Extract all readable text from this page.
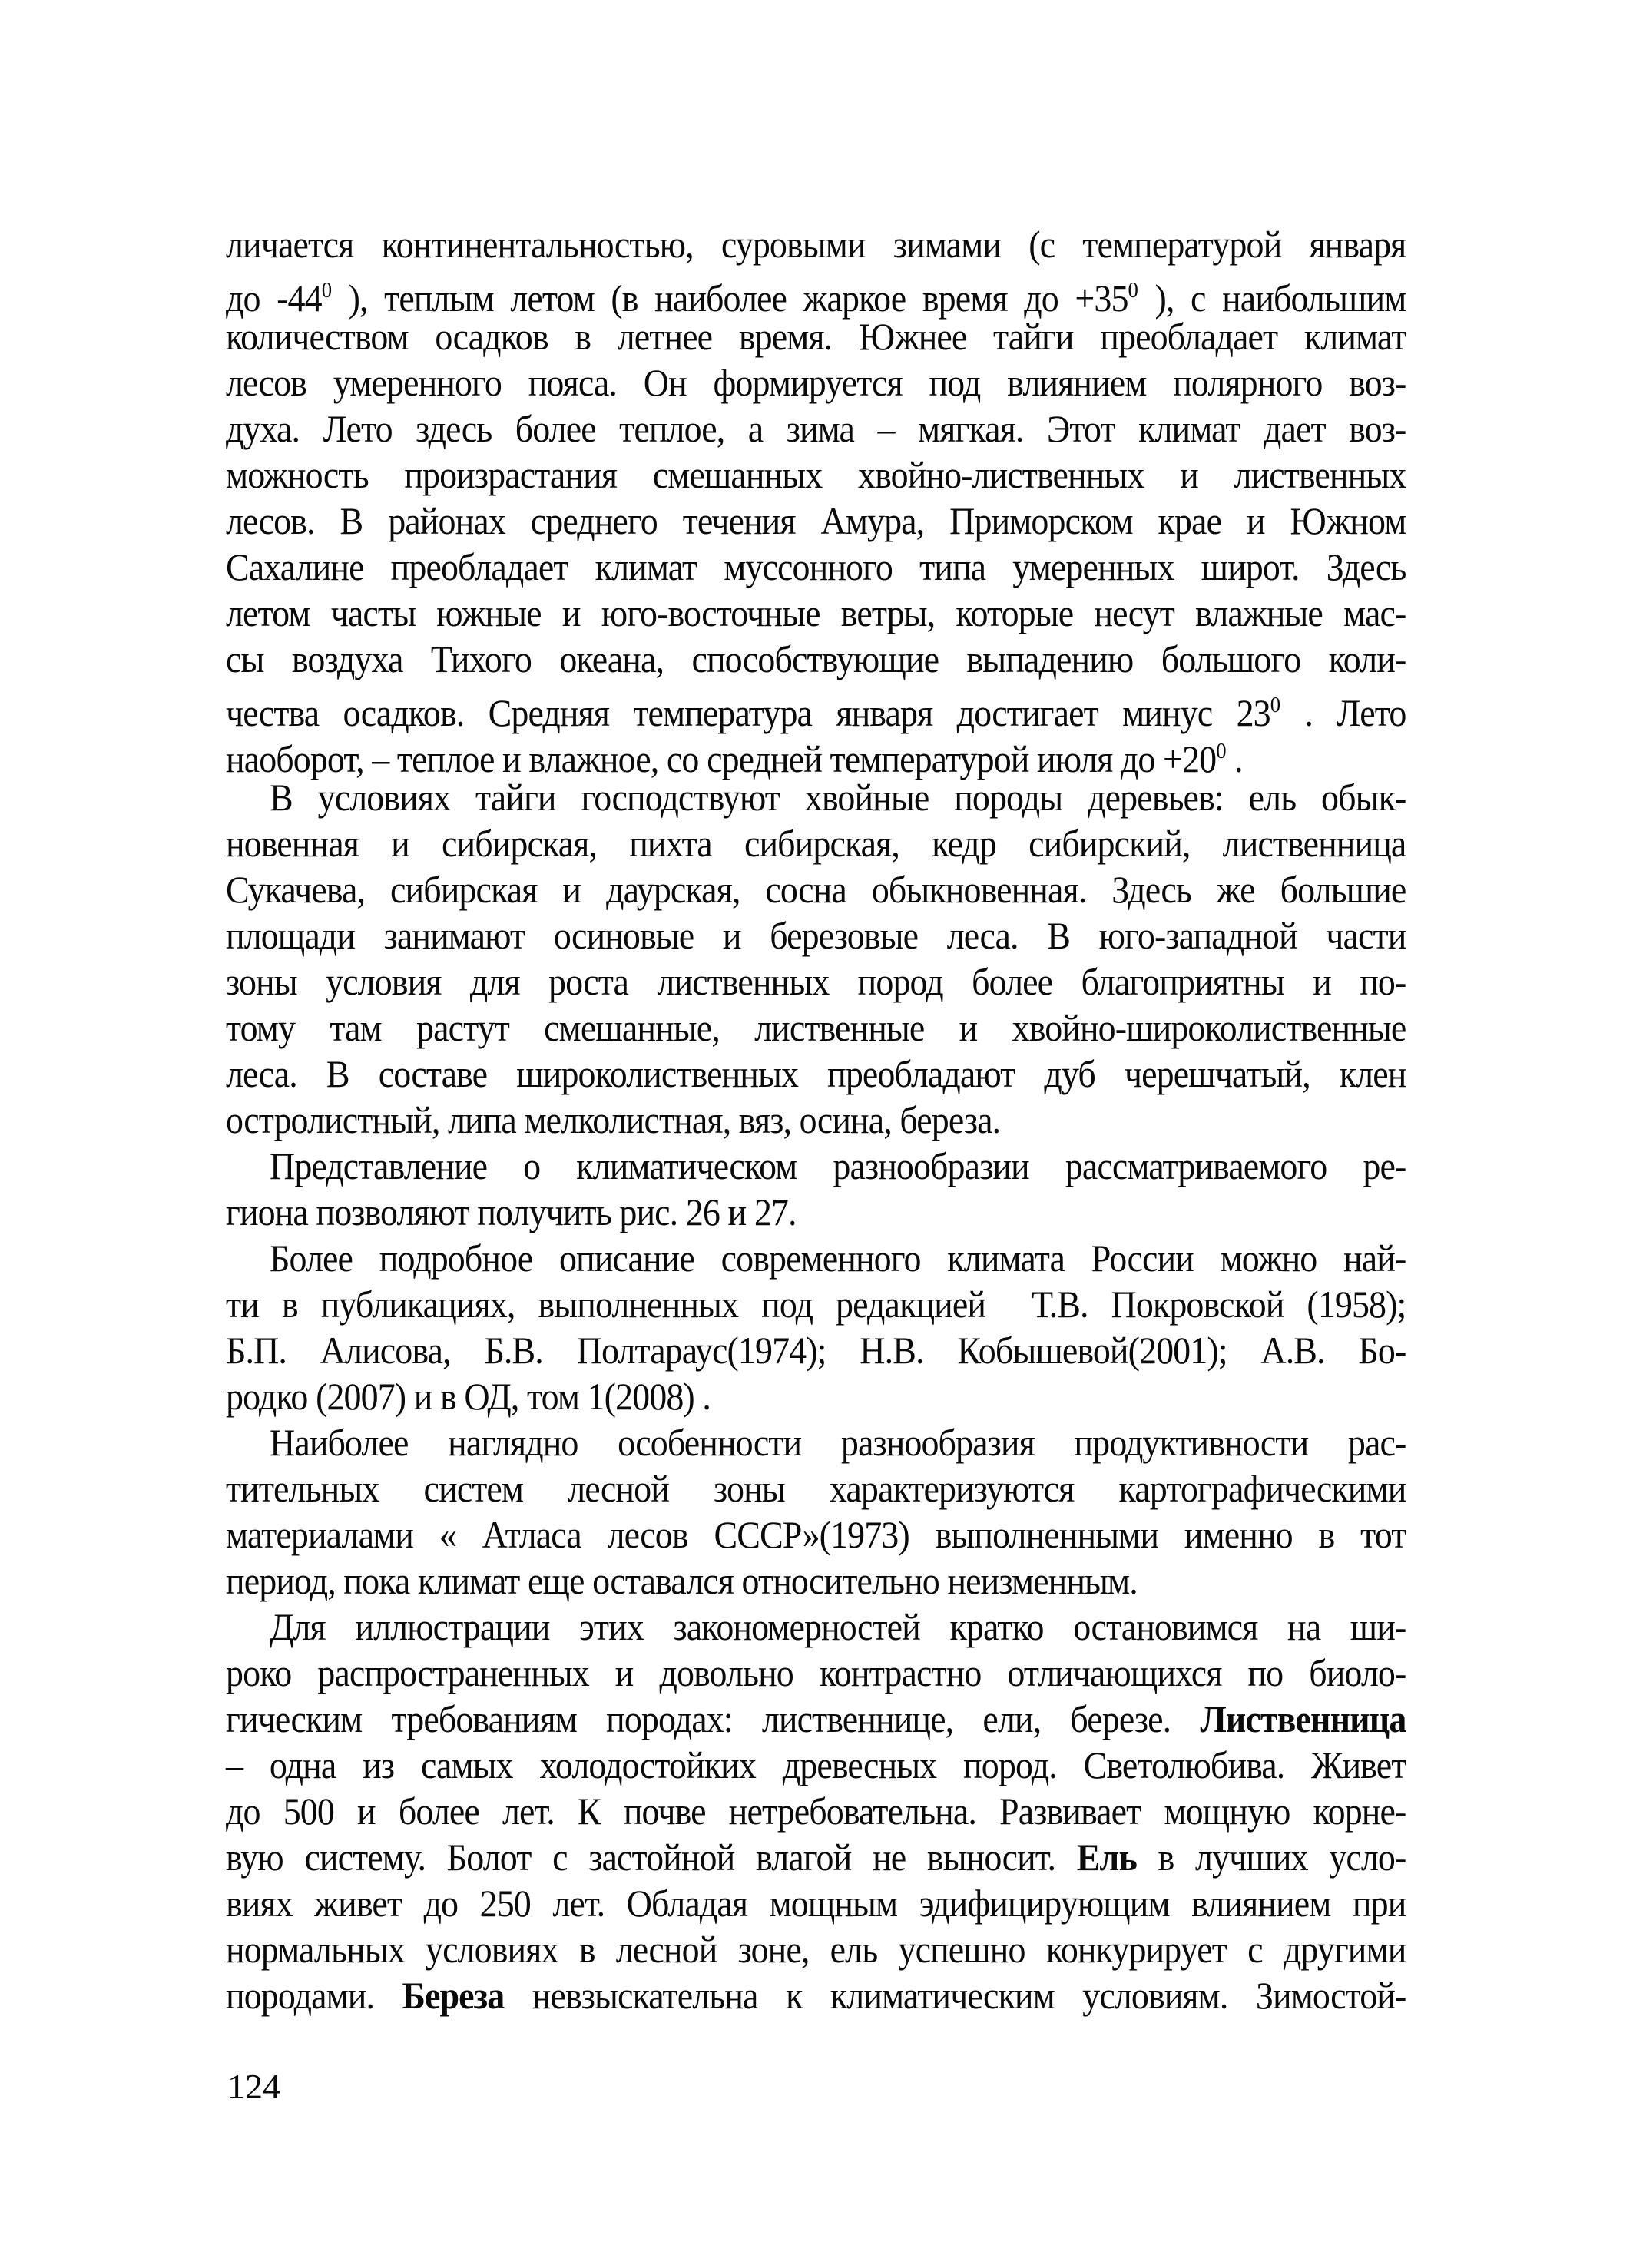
личается континентальностью, суровыми зимами (с температурой января
до $-44^0$ ), теплым летом (в наиболее жаркое время до $+35^0$ ), с наибольшим
количеством осадков в летнее время. Южнее тайги преобладает климат
лесов умеренного пояса. Он формируется под влиянием полярного воз-
духа. Лето здесь более теплое, а зима – мягкая. Этот климат дает воз-
можность произрастания смешанных хвойно-лиственных и лиственных
лесов. В районах среднего течения Амура, Приморском крае и Южном
Сахалине преобладает климат муссонного типа умеренных широт. Здесь
летом часты южные и юго-восточные ветры, которые несут влажные мас-
сы воздуха Тихого океана, способствующие выпадению большого коли-
чества осадков. Средняя температура января достигает минус $23^0$ . Лето
наоборот, – теплое и влажное, со средней температурой июля до $+20^0$ .
В условиях тайги господствуют хвойные породы деревьев: ель обык-
новенная и сибирская, пихта сибирская, кедр сибирский, лиственница
Сукачева, сибирская и даурская, сосна обыкновенная. Здесь же большие
площади занимают осиновые и березовые леса. В юго-западной части
зоны условия для роста лиственных пород более благоприятны и по-
тому там растут смешанные, лиственные и хвойно-широколиственные
леса. В составе широколиственных преобладают дуб черешчатый, клен
остролистный, липа мелколистная, вяз, осина, береза.
Представление о климатическом разнообразии рассматриваемого ре-
гиона позволяют получить рис. 26 и 27.
Более подробное описание современного климата России можно най-
ти в публикациях, выполненных под редакцией  Т.В. Покровской (1958);
Б.П. Алисова, Б.В. Полтараус(1974); Н.В. Кобышевой(2001); А.В. Бо-
родко (2007) и в ОД, том 1(2008) .
Наиболее наглядно особенности разнообразия продуктивности рас-
тительных систем лесной зоны характеризуются картографическими
материалами « Атласа лесов СССР»(1973) выполненными именно в тот
период, пока климат еще оставался относительно неизменным.
Для иллюстрации этих закономерностей кратко остановимся на ши-
роко распространенных и довольно контрастно отличающихся по биоло-
гическим требованиям породах: лиственнице, ели, березе. Лиственница
– одна из самых холодостойких древесных пород. Светолюбива. Живет
до 500 и более лет. К почве нетребовательна. Развивает мощную корне-
вую систему. Болот с застойной влагой не выносит. Ель в лучших усло-
виях живет до 250 лет. Обладая мощным эдифицирующим влиянием при
нормальных условиях в лесной зоне, ель успешно конкурирует с другими
породами. Береза невзыскательна к климатическим условиям. Зимостой-
124
